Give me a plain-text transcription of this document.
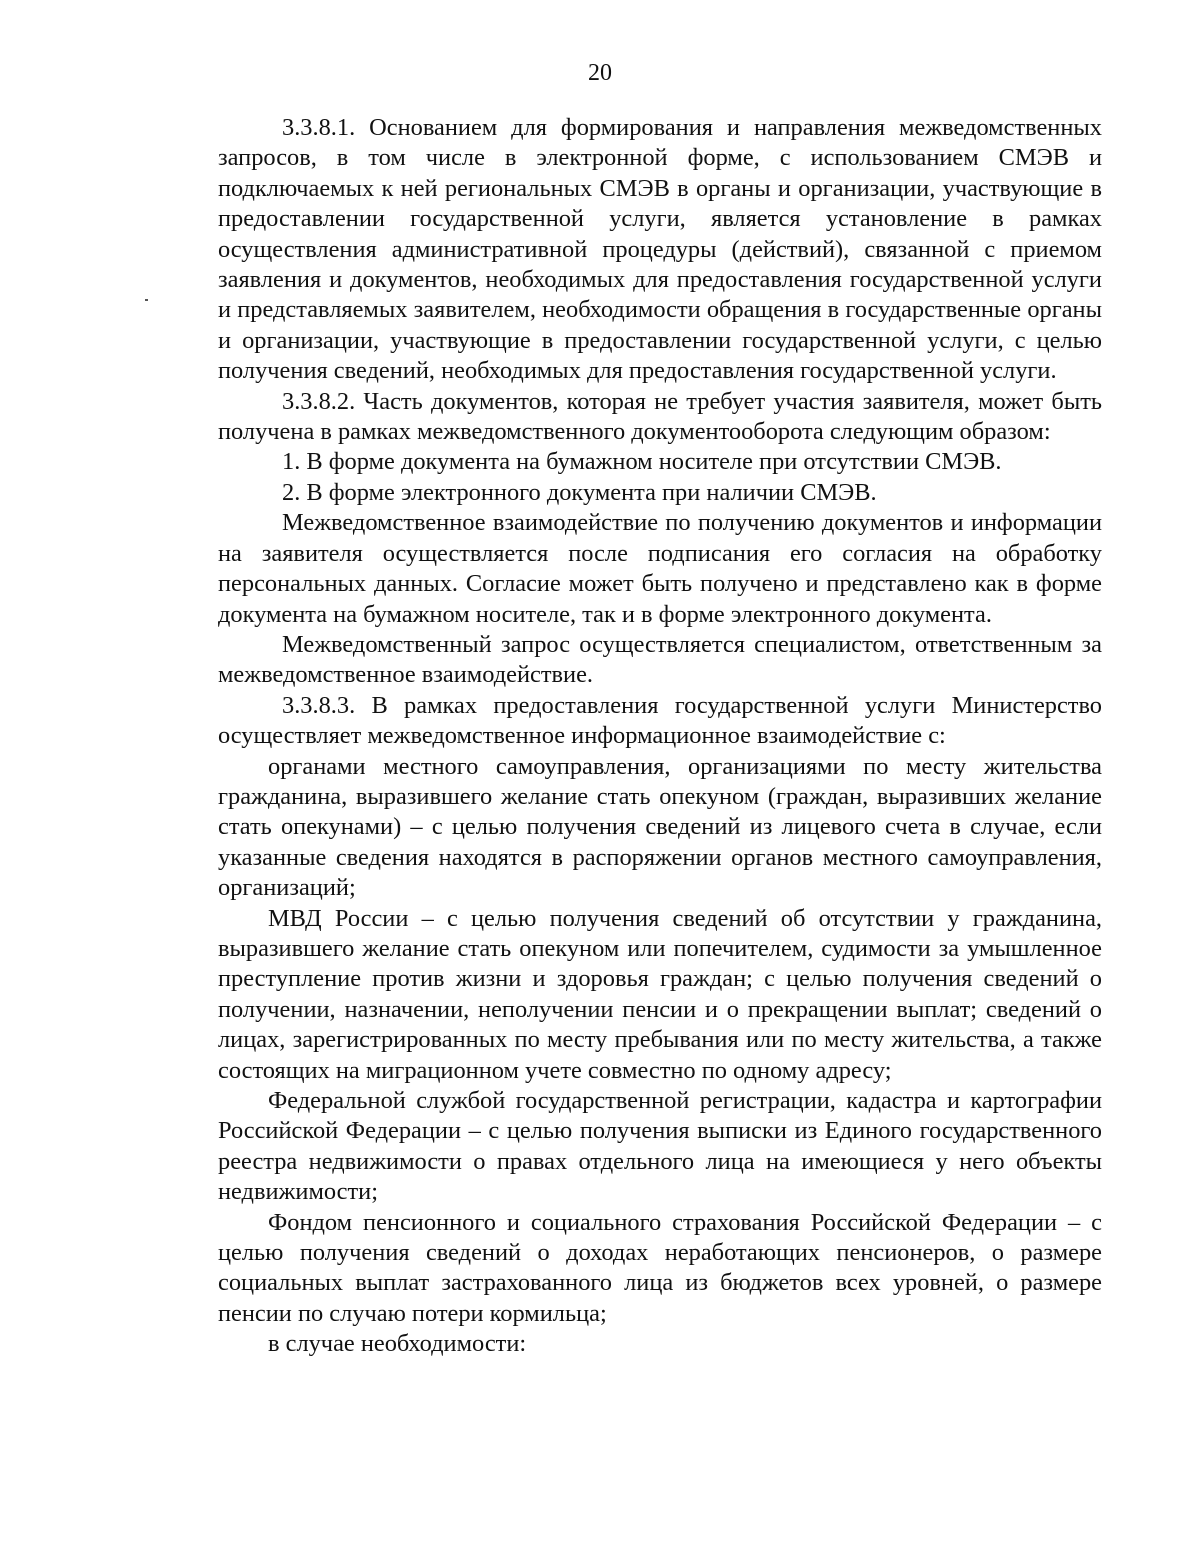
20

3.3.8.1. Основанием для формирования и направления межведомственных запросов, в том числе в электронной форме, с использованием СМЭВ и подключаемых к ней региональных СМЭВ в органы и организации, участвующие в предоставлении государственной услуги, является установление в рамках осуществления административной процедуры (действий), связанной с приемом заявления и документов, необходимых для предоставления государственной услуги и представляемых заявителем, необходимости обращения в государственные органы и организации, участвующие в предоставлении государственной услуги, с целью получения сведений, необходимых для предоставления государственной услуги.

3.3.8.2. Часть документов, которая не требует участия заявителя, может быть получена в рамках межведомственного документооборота следующим образом:

1. В форме документа на бумажном носителе при отсутствии СМЭВ.

2. В форме электронного документа при наличии СМЭВ.

Межведомственное взаимодействие по получению документов и информации на заявителя осуществляется после подписания его согласия на обработку персональных данных. Согласие может быть получено и представлено как в форме документа на бумажном носителе, так и в форме электронного документа.

Межведомственный запрос осуществляется специалистом, ответственным за межведомственное взаимодействие.

3.3.8.3. В рамках предоставления государственной услуги Министерство осуществляет межведомственное информационное взаимодействие с:

органами местного самоуправления, организациями по месту жительства гражданина, выразившего желание стать опекуном (граждан, выразивших желание стать опекунами) – с целью получения сведений из лицевого счета в случае, если указанные сведения находятся в распоряжении органов местного самоуправления, организаций;

МВД России – с целью получения сведений об отсутствии у гражданина, выразившего желание стать опекуном или попечителем, судимости за умышленное преступление против жизни и здоровья граждан; с целью получения сведений о получении, назначении, неполучении пенсии и о прекращении выплат; сведений о лицах, зарегистрированных по месту пребывания или по месту жительства, а также состоящих на миграционном учете совместно по одному адресу;

Федеральной службой государственной регистрации, кадастра и картографии Российской Федерации – с целью получения выписки из Единого государственного реестра недвижимости о правах отдельного лица на имеющиеся у него объекты недвижимости;

Фондом пенсионного и социального страхования Российской Федерации – с целью получения сведений о доходах неработающих пенсионеров, о размере социальных выплат застрахованного лица из бюджетов всех уровней, о размере пенсии по случаю потери кормильца;

в случае необходимости:
